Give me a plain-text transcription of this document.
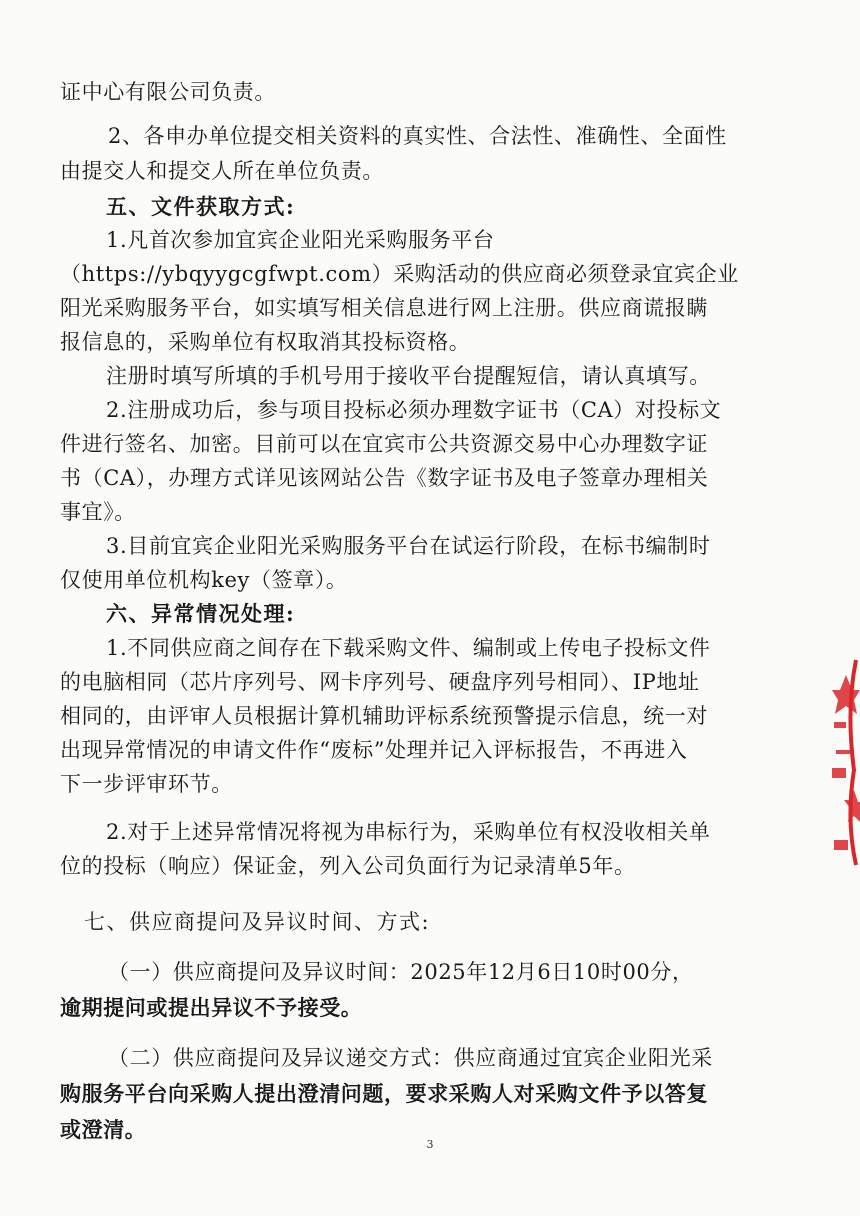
证中心有限公司负责。
2、各申办单位提交相关资料的真实性、合法性、准确性、全面性
由提交人和提交人所在单位负责。
五、文件获取方式:
1.凡首次参加宜宾企业阳光采购服务平台
（https://ybqyygcgfwpt.com）采购活动的供应商必须登录宜宾企业
阳光采购服务平台，如实填写相关信息进行网上注册。供应商谎报瞒
报信息的，采购单位有权取消其投标资格。
注册时填写所填的手机号用于接收平台提醒短信，请认真填写。
2.注册成功后，参与项目投标必须办理数字证书（CA）对投标文
件进行签名、加密。目前可以在宜宾市公共资源交易中心办理数字证
书（CA），办理方式详见该网站公告《数字证书及电子签章办理相关
事宜》。
3.目前宜宾企业阳光采购服务平台在试运行阶段，在标书编制时
仅使用单位机构key（签章）。
六、异常情况处理:
1.不同供应商之间存在下载采购文件、编制或上传电子投标文件
的电脑相同（芯片序列号、网卡序列号、硬盘序列号相同）、IP地址
相同的，由评审人员根据计算机辅助评标系统预警提示信息，统一对
出现异常情况的申请文件作“废标”处理并记入评标报告，不再进入
下一步评审环节。
2.对于上述异常情况将视为串标行为，采购单位有权没收相关单
位的投标（响应）保证金，列入公司负面行为记录清单5年。
七、供应商提问及异议时间、方式:
（一）供应商提问及异议时间：2025年12月6日10时00分，
逾期提问或提出异议不予接受。
（二）供应商提问及异议递交方式：供应商通过宜宾企业阳光采
购服务平台向采购人提出澄清问题，要求采购人对采购文件予以答复
或澄清。
3
